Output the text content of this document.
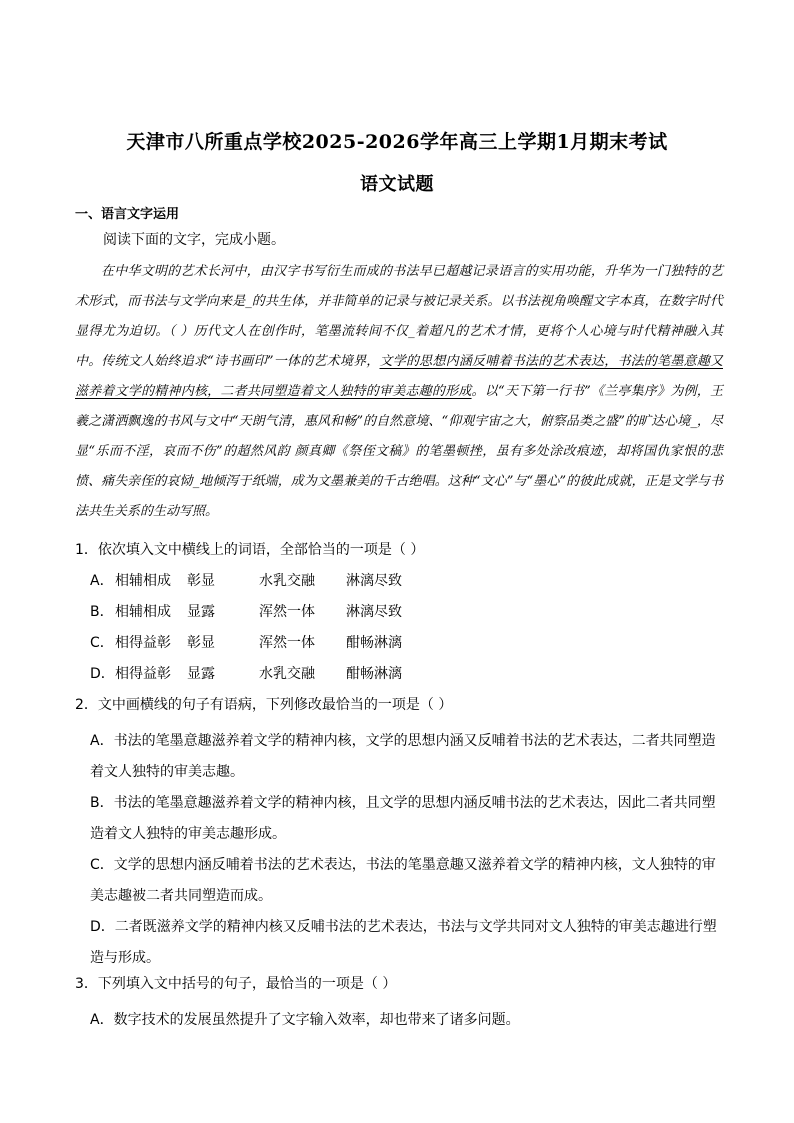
天津市八所重点学校2025-2026学年高三上学期1月期末考试
语文试题
一、语言文字运用
阅读下面的文字，完成小题。

在中华文明的艺术长河中，由汉字书写衍生而成的书法早已超越记录语言的实用功能，升华为一门独特的艺术形式，而书法与文学向来是_的共生体，并非简单的记录与被记录关系。以书法视角唤醒文字本真，在数字时代显得尤为迫切。（ ）历代文人在创作时，笔墨流转间不仅_着超凡的艺术才情，更将个人心境与时代精神融入其中。传统文人始终追求“诗书画印”一体的艺术境界，文学的思想内涵反哺着书法的艺术表达，书法的笔墨意趣又滋养着文学的精神内核，二者共同塑造着文人独特的审美志趣的形成。以“天下第一行书”《兰亭集序》为例，王羲之潇洒飘逸的书风与文中“天朗气清，惠风和畅”的自然意境、“仰观宇宙之大，俯察品类之盛”的旷达心境_，尽显“乐而不淫，哀而不伤”的超然风韵 颜真卿《祭侄文稿》的笔墨顿挫，虽有多处涂改痕迹，却将国仇家恨的悲愤、痛失亲侄的哀恸_地倾泻于纸端，成为文墨兼美的千古绝唱。这种“文心”与“墨心”的彼此成就，正是文学与书法共生关系的生动写照。

1．依次填入文中横线上的词语，全部恰当的一项是（ ）
A． 相辅相成	彰显	水乳交融	淋漓尽致
B． 相辅相成	显露	浑然一体	淋漓尽致
C． 相得益彰	彰显	浑然一体	酣畅淋漓
D． 相得益彰	显露	水乳交融	酣畅淋漓
2．文中画横线的句子有语病，下列修改最恰当的一项是（ ）
A．书法的笔墨意趣滋养着文学的精神内核，文学的思想内涵又反哺着书法的艺术表达，二者共同塑造着文人独特的审美志趣。
B．书法的笔墨意趣滋养着文学的精神内核，且文学的思想内涵反哺书法的艺术表达，因此二者共同塑造着文人独特的审美志趣形成。
C．文学的思想内涵反哺着书法的艺术表达，书法的笔墨意趣又滋养着文学的精神内核，文人独特的审美志趣被二者共同塑造而成。
D．二者既滋养文学的精神内核又反哺书法的艺术表达，书法与文学共同对文人独特的审美志趣进行塑造与形成。
3．下列填入文中括号的句子，最恰当的一项是（ ）
A．数字技术的发展虽然提升了文字输入效率，却也带来了诸多问题。
